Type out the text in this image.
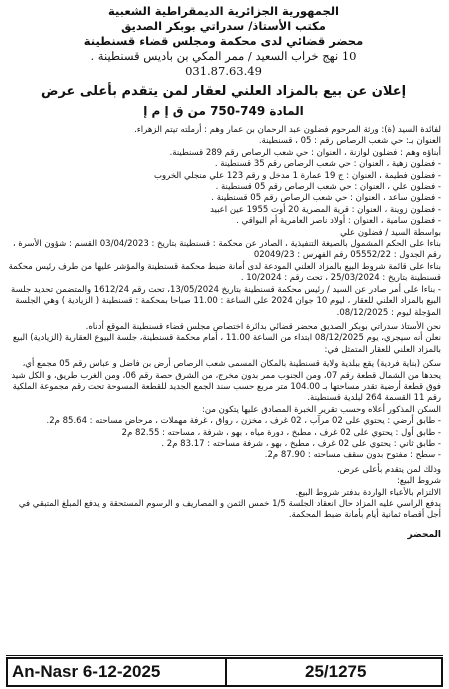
الجمهورية الجزائرية الديمقراطية الشعبية
مكتب الأستاذ/ سدراتي بوبكر الصديق
محضر قضائي لدى محكمة ومجلس قضاء قسنطينة
10 نهج خراب السعيد / ممر المكي بن باديس قسنطينة .
031.87.63.49
إعلان عن بيع بالمزاد العلني لعقار لمن يتقدم بأعلى عرض
المادة 749-750 من ق إ م إ

لفائدة السيد (ة): ورثة المرحوم فضلون عبد الرحمان بن عمار وهم : أرملته تيتم الزهراء.

العنوان بـ: حي شعب الرصاص رقم : 05 ، قسنطينة.

أبناؤه وهم : فضلون لوازنة ، العنوان : حي شعب الرصاص رقم 289 قسنطينة.

- فضلون زهية ، العنوان : حي شعب الرصاص رقم 35 قسنطينة .

- فضلون فطيمة ، العنوان : ج 19 عمارة 1 مدخل و رقم 123 علي منجلي الخروب

- فضلون علي ، العنوان : حي شعب الرصاص رقم 05 قسنطينة .

- فضلون ساعد ، العنوان : حي شعب الرصاص رقم 05 قسنطينة .

- فضلون زوينة ، العنوان : قرية المصرية 20 أوت 1955 عين اعبيد

- فضلون سامية ، العنوان : أولاد ناصر العامرية أم البواقي .

بواسطة السيد / فضلون علي

بناءا على الحكم المشمول بالصيغة التنفيذية ، الصادر عن محكمة : قسنطينة بتاريخ : 03/04/2023 القسم : شؤون الأسرة ، رقم الجدول : 05552/22 رقم الفهرس : 02049/23

بناءا على قائمة شروط البيع بالمزاد العلني المودعة لدى أمانة ضبط محكمة قسنطينة والمؤشر عليها من طرف رئيس محكمة قسنطينة بتاريخ : 25/03/2024 ، تحت رقم : 10/2024 .

- بناءا على أمر صادر عن السيد / رئيس محكمة قسنطينة بتاريخ 13/05/2024، تحت رقم 1612/24 والمتضمن تحديد جلسة البيع بالمزاد العلني للعقار ، ليوم 10 جوان 2024 على الساعة : 11.00 صباحا بمحكمة : قسنطينة ( الزيادية ) وهي الجلسة المؤجلة ليوم : 08/12/2025.

نحن الأستاذ سدراتي بوبكر الصديق محضر قضائي بدائرة اختصاص مجلس قضاء قسنطينة الموقع أدناه.

نعلن أنه سيجري، يوم 08/12/2025 ابتداء من الساعة 11.00 ، أمام محكمة قسنطينة، جلسة البيوع العقارية (الزيادية) البيع بالمزاد العلني للعقار المتمثل في:

سكن (بناية فردية) يقع ببلدية ولاية قسنطينة بالمكان المسمى شعب الرصاص أرض بن فاضل و عباس رقم 05 مجمع أي، يحدها من الشمال قطعة رقم 07، ومن الجنوب ممر بدون مخرج، من الشرق حصة رقم 06، ومن الغرب طريق، و الكل شيد فوق قطعة أرضية تقدر مساحتها بـ 104.00 متر مربع حسب سند الجمع الجديد للقطعة المسوحة تحت رقم مجموعة الملكية رقم 11 القسمة 264 لبلدية قسنطينة.

السكن المذكور أعلاه وحسب تقرير الخبرة المصادق عليها يتكون من:

- طابق أرضي : يحتوي على 02 مرآب ، 02 غرف ، مخزن ، رواق ، غرفة مهملات ، مرحاض مساحته : 85.64 م2.

- طابق أول : يحتوي على 02 غرف ، مطبخ ، دورة مياه ، بهو ، شرفة ، مساحته : 82.55 م2

- طابق ثاني : يحتوي على 02 غرف ، مطبخ ، بهو ، شرفة مساحته : 83.17 م2 .

- سطح : مفتوح بدون سقف مساحته : 87.90 م2.

وذلك لمن يتقدم بأعلى عرض.

شروط البيع:

الالتزام بالأعباء الواردة بدفتر شروط البيع.

يدفع الراسي عليه المزاد حال انعقاد الجلسة 1/5 خمس الثمن و المصاريف و الرسوم المستحقة و يدفع المبلغ المتبقي في أجل أقصاه ثمانية أيام بأمانة ضبط المحكمة.

المحضر
An-Nasr 6-12-2025	25/1275
